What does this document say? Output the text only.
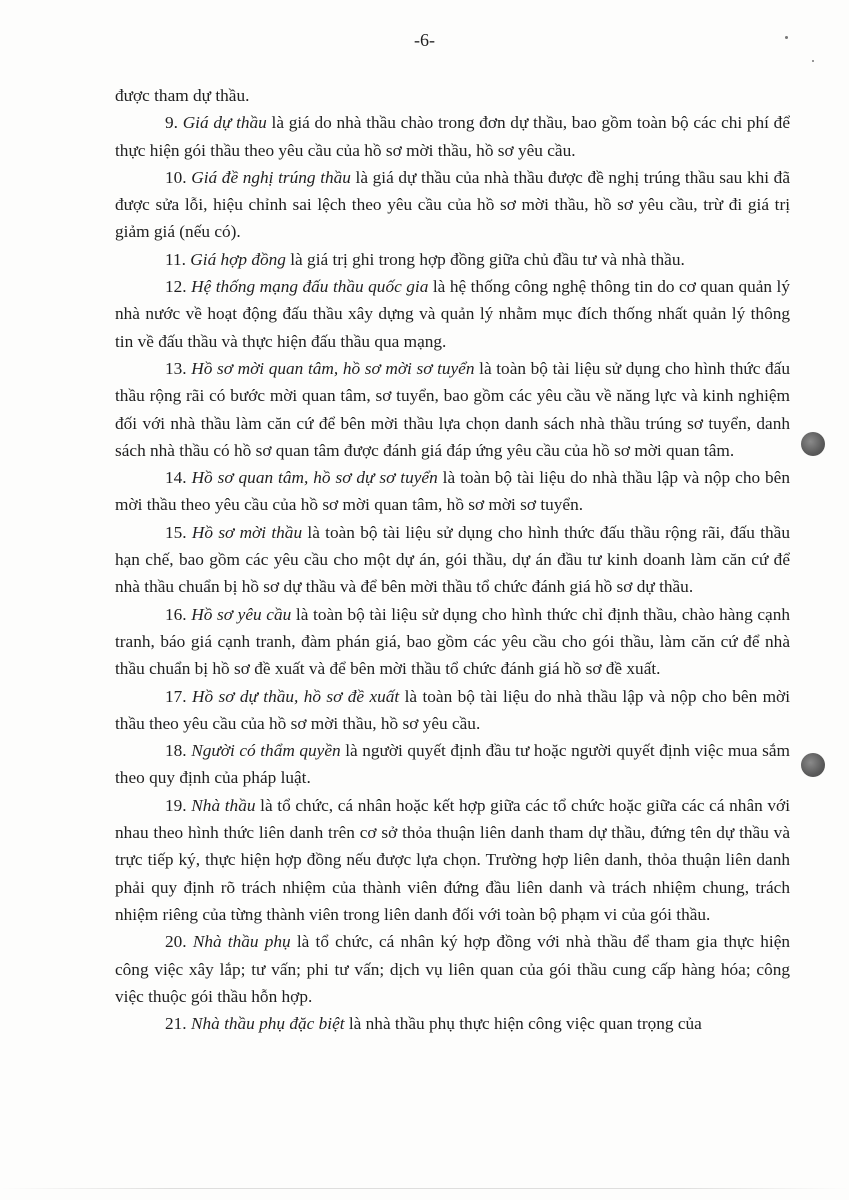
-6-

được tham dự thầu.

9. Giá dự thầu là giá do nhà thầu chào trong đơn dự thầu, bao gồm toàn bộ các chi phí để thực hiện gói thầu theo yêu cầu của hồ sơ mời thầu, hồ sơ yêu cầu.

10. Giá đề nghị trúng thầu là giá dự thầu của nhà thầu được đề nghị trúng thầu sau khi đã được sửa lỗi, hiệu chỉnh sai lệch theo yêu cầu của hồ sơ mời thầu, hồ sơ yêu cầu, trừ đi giá trị giảm giá (nếu có).

11. Giá hợp đồng là giá trị ghi trong hợp đồng giữa chủ đầu tư và nhà thầu.

12. Hệ thống mạng đấu thầu quốc gia là hệ thống công nghệ thông tin do cơ quan quản lý nhà nước về hoạt động đấu thầu xây dựng và quản lý nhằm mục đích thống nhất quản lý thông tin về đấu thầu và thực hiện đấu thầu qua mạng.

13. Hồ sơ mời quan tâm, hồ sơ mời sơ tuyển là toàn bộ tài liệu sử dụng cho hình thức đấu thầu rộng rãi có bước mời quan tâm, sơ tuyển, bao gồm các yêu cầu về năng lực và kinh nghiệm đối với nhà thầu làm căn cứ để bên mời thầu lựa chọn danh sách nhà thầu trúng sơ tuyển, danh sách nhà thầu có hồ sơ quan tâm được đánh giá đáp ứng yêu cầu của hồ sơ mời quan tâm.

14. Hồ sơ quan tâm, hồ sơ dự sơ tuyển là toàn bộ tài liệu do nhà thầu lập và nộp cho bên mời thầu theo yêu cầu của hồ sơ mời quan tâm, hồ sơ mời sơ tuyển.

15. Hồ sơ mời thầu là toàn bộ tài liệu sử dụng cho hình thức đấu thầu rộng rãi, đấu thầu hạn chế, bao gồm các yêu cầu cho một dự án, gói thầu, dự án đầu tư kinh doanh làm căn cứ để nhà thầu chuẩn bị hồ sơ dự thầu và để bên mời thầu tổ chức đánh giá hồ sơ dự thầu.

16. Hồ sơ yêu cầu là toàn bộ tài liệu sử dụng cho hình thức chỉ định thầu, chào hàng cạnh tranh, báo giá cạnh tranh, đàm phán giá, bao gồm các yêu cầu cho gói thầu, làm căn cứ để nhà thầu chuẩn bị hồ sơ đề xuất và để bên mời thầu tổ chức đánh giá hồ sơ đề xuất.

17. Hồ sơ dự thầu, hồ sơ đề xuất là toàn bộ tài liệu do nhà thầu lập và nộp cho bên mời thầu theo yêu cầu của hồ sơ mời thầu, hồ sơ yêu cầu.

18. Người có thẩm quyền là người quyết định đầu tư hoặc người quyết định việc mua sắm theo quy định của pháp luật.

19. Nhà thầu là tổ chức, cá nhân hoặc kết hợp giữa các tổ chức hoặc giữa các cá nhân với nhau theo hình thức liên danh trên cơ sở thỏa thuận liên danh tham dự thầu, đứng tên dự thầu và trực tiếp ký, thực hiện hợp đồng nếu được lựa chọn. Trường hợp liên danh, thỏa thuận liên danh phải quy định rõ trách nhiệm của thành viên đứng đầu liên danh và trách nhiệm chung, trách nhiệm riêng của từng thành viên trong liên danh đối với toàn bộ phạm vi của gói thầu.

20. Nhà thầu phụ là tổ chức, cá nhân ký hợp đồng với nhà thầu để tham gia thực hiện công việc xây lắp; tư vấn; phi tư vấn; dịch vụ liên quan của gói thầu cung cấp hàng hóa; công việc thuộc gói thầu hỗn hợp.

21. Nhà thầu phụ đặc biệt là nhà thầu phụ thực hiện công việc quan trọng của
